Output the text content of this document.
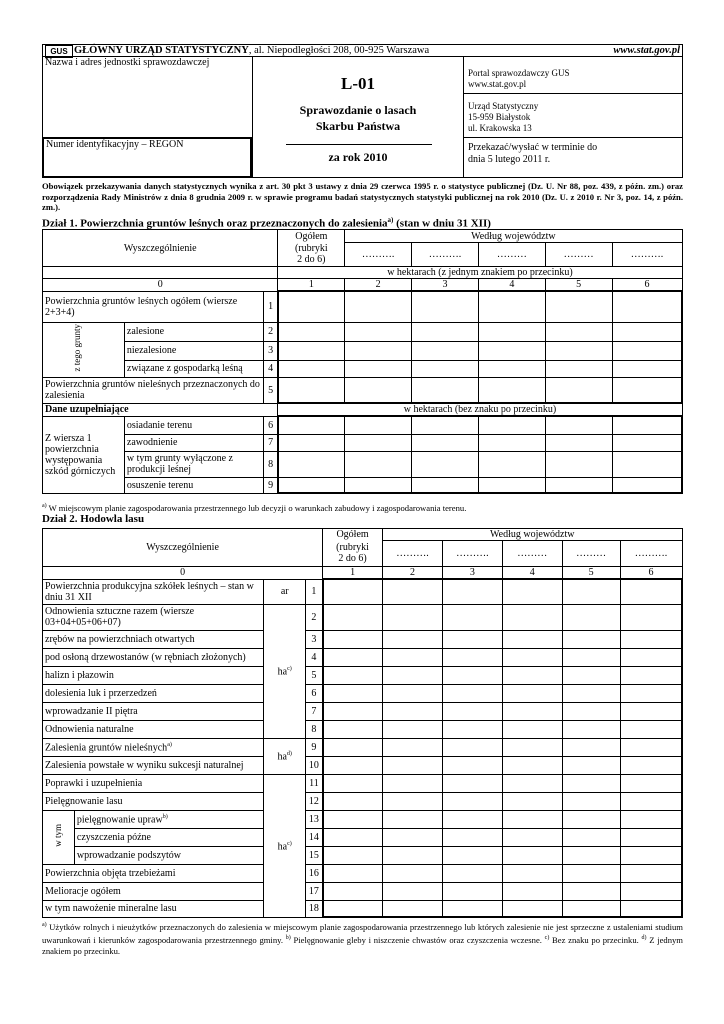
GUS GŁÓWNY URZĄD STATYSTYCZNY, al. Niepodległości 208, 00-925 Warszawa	www.stat.gov.pl
Nazwa i adres jednostki sprawozdawczej
Numer identyfikacyjny – REGON
L-01
Sprawozdanie o lasach
Skarbu Państwa
za rok 2010
Portal sprawozdawczy GUS
www.stat.gov.pl
Urząd Statystyczny
15-959 Białystok
ul. Krakowska 13
Przekazać/wysłać w terminie do
dnia 5 lutego 2011 r.
Obowiązek przekazywania danych statystycznych wynika z art. 30 pkt 3 ustawy z dnia 29 czerwca 1995 r. o statystyce publicznej (Dz. U. Nr 88, poz. 439, z późn. zm.) oraz rozporządzenia Rady Ministrów z dnia 8 grudnia 2009 r. w sprawie programu badań statystycznych statystyki publicznej na rok 2010 (Dz. U. z 2010 r. Nr 3, poz. 14, z późn. zm.).
Dział 1. Powierzchnia gruntów leśnych oraz przeznaczonych do zalesienia$^{a)}$ (stan w dniu 31 XII)
Wyszczególnienie			Ogółem	Według województw				

			(rubryki
2 do 6)	……….	……….	………	………	……….
			w hektarach (z jednym znakiem po przecinku)					
0			1	2	3	4	5	6
Powierzchnia gruntów leśnych ogółem (wiersze 2+3+4)		1						
z tego grunty	zalesione	2						
	niezalesione	3						
	związane z gospodarką leśną	4						
Powierzchnia gruntów nieleśnych przeznaczonych do zalesienia		5						
Dane uzupełniające			w hektarach (bez znaku po przecinku)					
Z wiersza 1 powierzchnia występowania szkód górniczych	osiadanie terenu	6						
	zawodnienie	7						
	w tym grunty wyłączone z produkcji leśnej	8						
	osuszenie terenu	9						
$^{a)}$ W miejscowym planie zagospodarowania przestrzennego lub decyzji o warunkach zabudowy i zagospodarowania terenu.
Dział 2. Hodowla lasu
Wyszczególnienie				Ogółem	Według województw				

				(rubryki
2 do 6)	……….	……….	………	………	……….
0				1	2	3	4	5	6
Powierzchnia produkcyjna szkółek leśnych – stan w dniu 31 XII		ar	1						
Odnowienia sztuczne razem (wiersze 03+04+05+06+07)		$ha^{c)}$	2						
zrębów na powierzchniach otwartych			3						
pod osłoną drzewostanów (w rębniach złożonych)			4						
halizn i płazowin			5						
dolesienia luk i przerzedzeń			6						
wprowadzanie II piętra			7						
Odnowienia naturalne			8						
Zalesienia gruntów nieleśnych$^{a)}$		$ha^{d)}$	9						
Zalesienia powstałe w wyniku sukcesji naturalnej			10						
Poprawki i uzupełnienia		$ha^{c)}$	11						
Pielęgnowanie lasu			12						
w tym	pielęgnowanie upraw$^{b)}$		13						
	czyszczenia późne		14						
	wprowadzanie podszytów		15						
Powierzchnia objęta trzebieżami			16						
Melioracje ogółem			17						
w tym nawożenie mineralne lasu			18						
$^{a)}$ Użytków rolnych i nieużytków przeznaczonych do zalesienia w miejscowym planie zagospodarowania przestrzennego lub których zalesienie nie jest sprzeczne z ustaleniami studium uwarunkowań i kierunków zagospodarowania przestrzennego gminy. $^{b)}$ Pielęgnowanie gleby i niszczenie chwastów oraz czyszczenia wczesne. $^{c)}$ Bez znaku po przecinku. $^{d)}$ Z jednym znakiem po przecinku.
